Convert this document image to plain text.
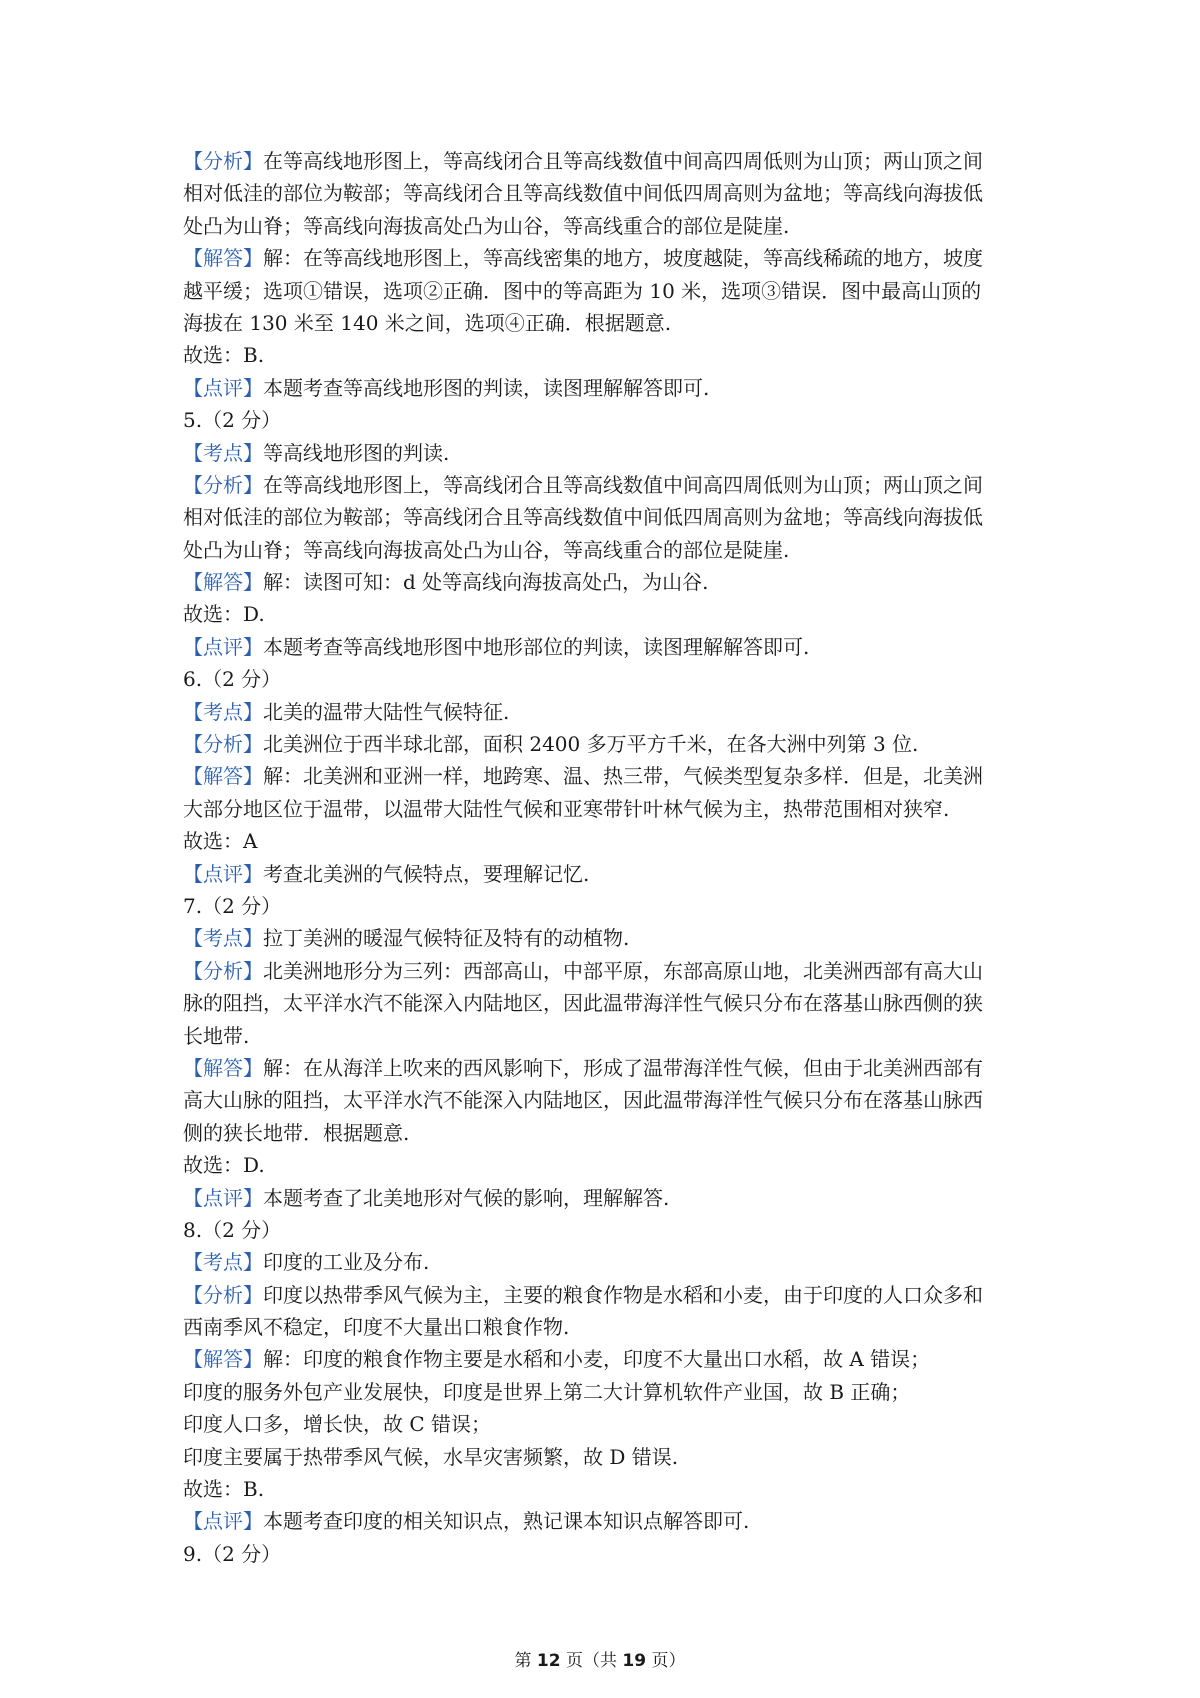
【分析】在等高线地形图上，等高线闭合且等高线数值中间高四周低则为山顶；两山顶之间
相对低洼的部位为鞍部；等高线闭合且等高线数值中间低四周高则为盆地；等高线向海拔低
处凸为山脊；等高线向海拔高处凸为山谷，等高线重合的部位是陡崖.
【解答】解：在等高线地形图上，等高线密集的地方，坡度越陡，等高线稀疏的地方，坡度
越平缓；选项①错误，选项②正确．图中的等高距为 10 米，选项③错误．图中最高山顶的
海拔在 130 米至 140 米之间，选项④正确．根据题意.
故选：B.
【点评】本题考查等高线地形图的判读，读图理解解答即可.
5.（2 分）
【考点】等高线地形图的判读.
【分析】在等高线地形图上，等高线闭合且等高线数值中间高四周低则为山顶；两山顶之间
相对低洼的部位为鞍部；等高线闭合且等高线数值中间低四周高则为盆地；等高线向海拔低
处凸为山脊；等高线向海拔高处凸为山谷，等高线重合的部位是陡崖.
【解答】解：读图可知：d 处等高线向海拔高处凸，为山谷.
故选：D.
【点评】本题考查等高线地形图中地形部位的判读，读图理解解答即可.
6.（2 分）
【考点】北美的温带大陆性气候特征.
【分析】北美洲位于西半球北部，面积 2400 多万平方千米，在各大洲中列第 3 位.
【解答】解：北美洲和亚洲一样，地跨寒、温、热三带，气候类型复杂多样．但是，北美洲
大部分地区位于温带，以温带大陆性气候和亚寒带针叶林气候为主，热带范围相对狭窄.
故选：A
【点评】考查北美洲的气候特点，要理解记忆.
7.（2 分）
【考点】拉丁美洲的暖湿气候特征及特有的动植物.
【分析】北美洲地形分为三列：西部高山，中部平原，东部高原山地，北美洲西部有高大山
脉的阻挡，太平洋水汽不能深入内陆地区，因此温带海洋性气候只分布在落基山脉西侧的狭
长地带.
【解答】解：在从海洋上吹来的西风影响下，形成了温带海洋性气候，但由于北美洲西部有
高大山脉的阻挡，太平洋水汽不能深入内陆地区，因此温带海洋性气候只分布在落基山脉西
侧的狭长地带．根据题意.
故选：D.
【点评】本题考查了北美地形对气候的影响，理解解答.
8.（2 分）
【考点】印度的工业及分布.
【分析】印度以热带季风气候为主，主要的粮食作物是水稻和小麦，由于印度的人口众多和
西南季风不稳定，印度不大量出口粮食作物.
【解答】解：印度的粮食作物主要是水稻和小麦，印度不大量出口水稻，故 A 错误；
印度的服务外包产业发展快，印度是世界上第二大计算机软件产业国，故 B 正确；
印度人口多，增长快，故 C 错误；
印度主要属于热带季风气候，水旱灾害频繁，故 D 错误.
故选：B.
【点评】本题考查印度的相关知识点，熟记课本知识点解答即可.
9.（2 分）
第 12 页（共 19 页）
